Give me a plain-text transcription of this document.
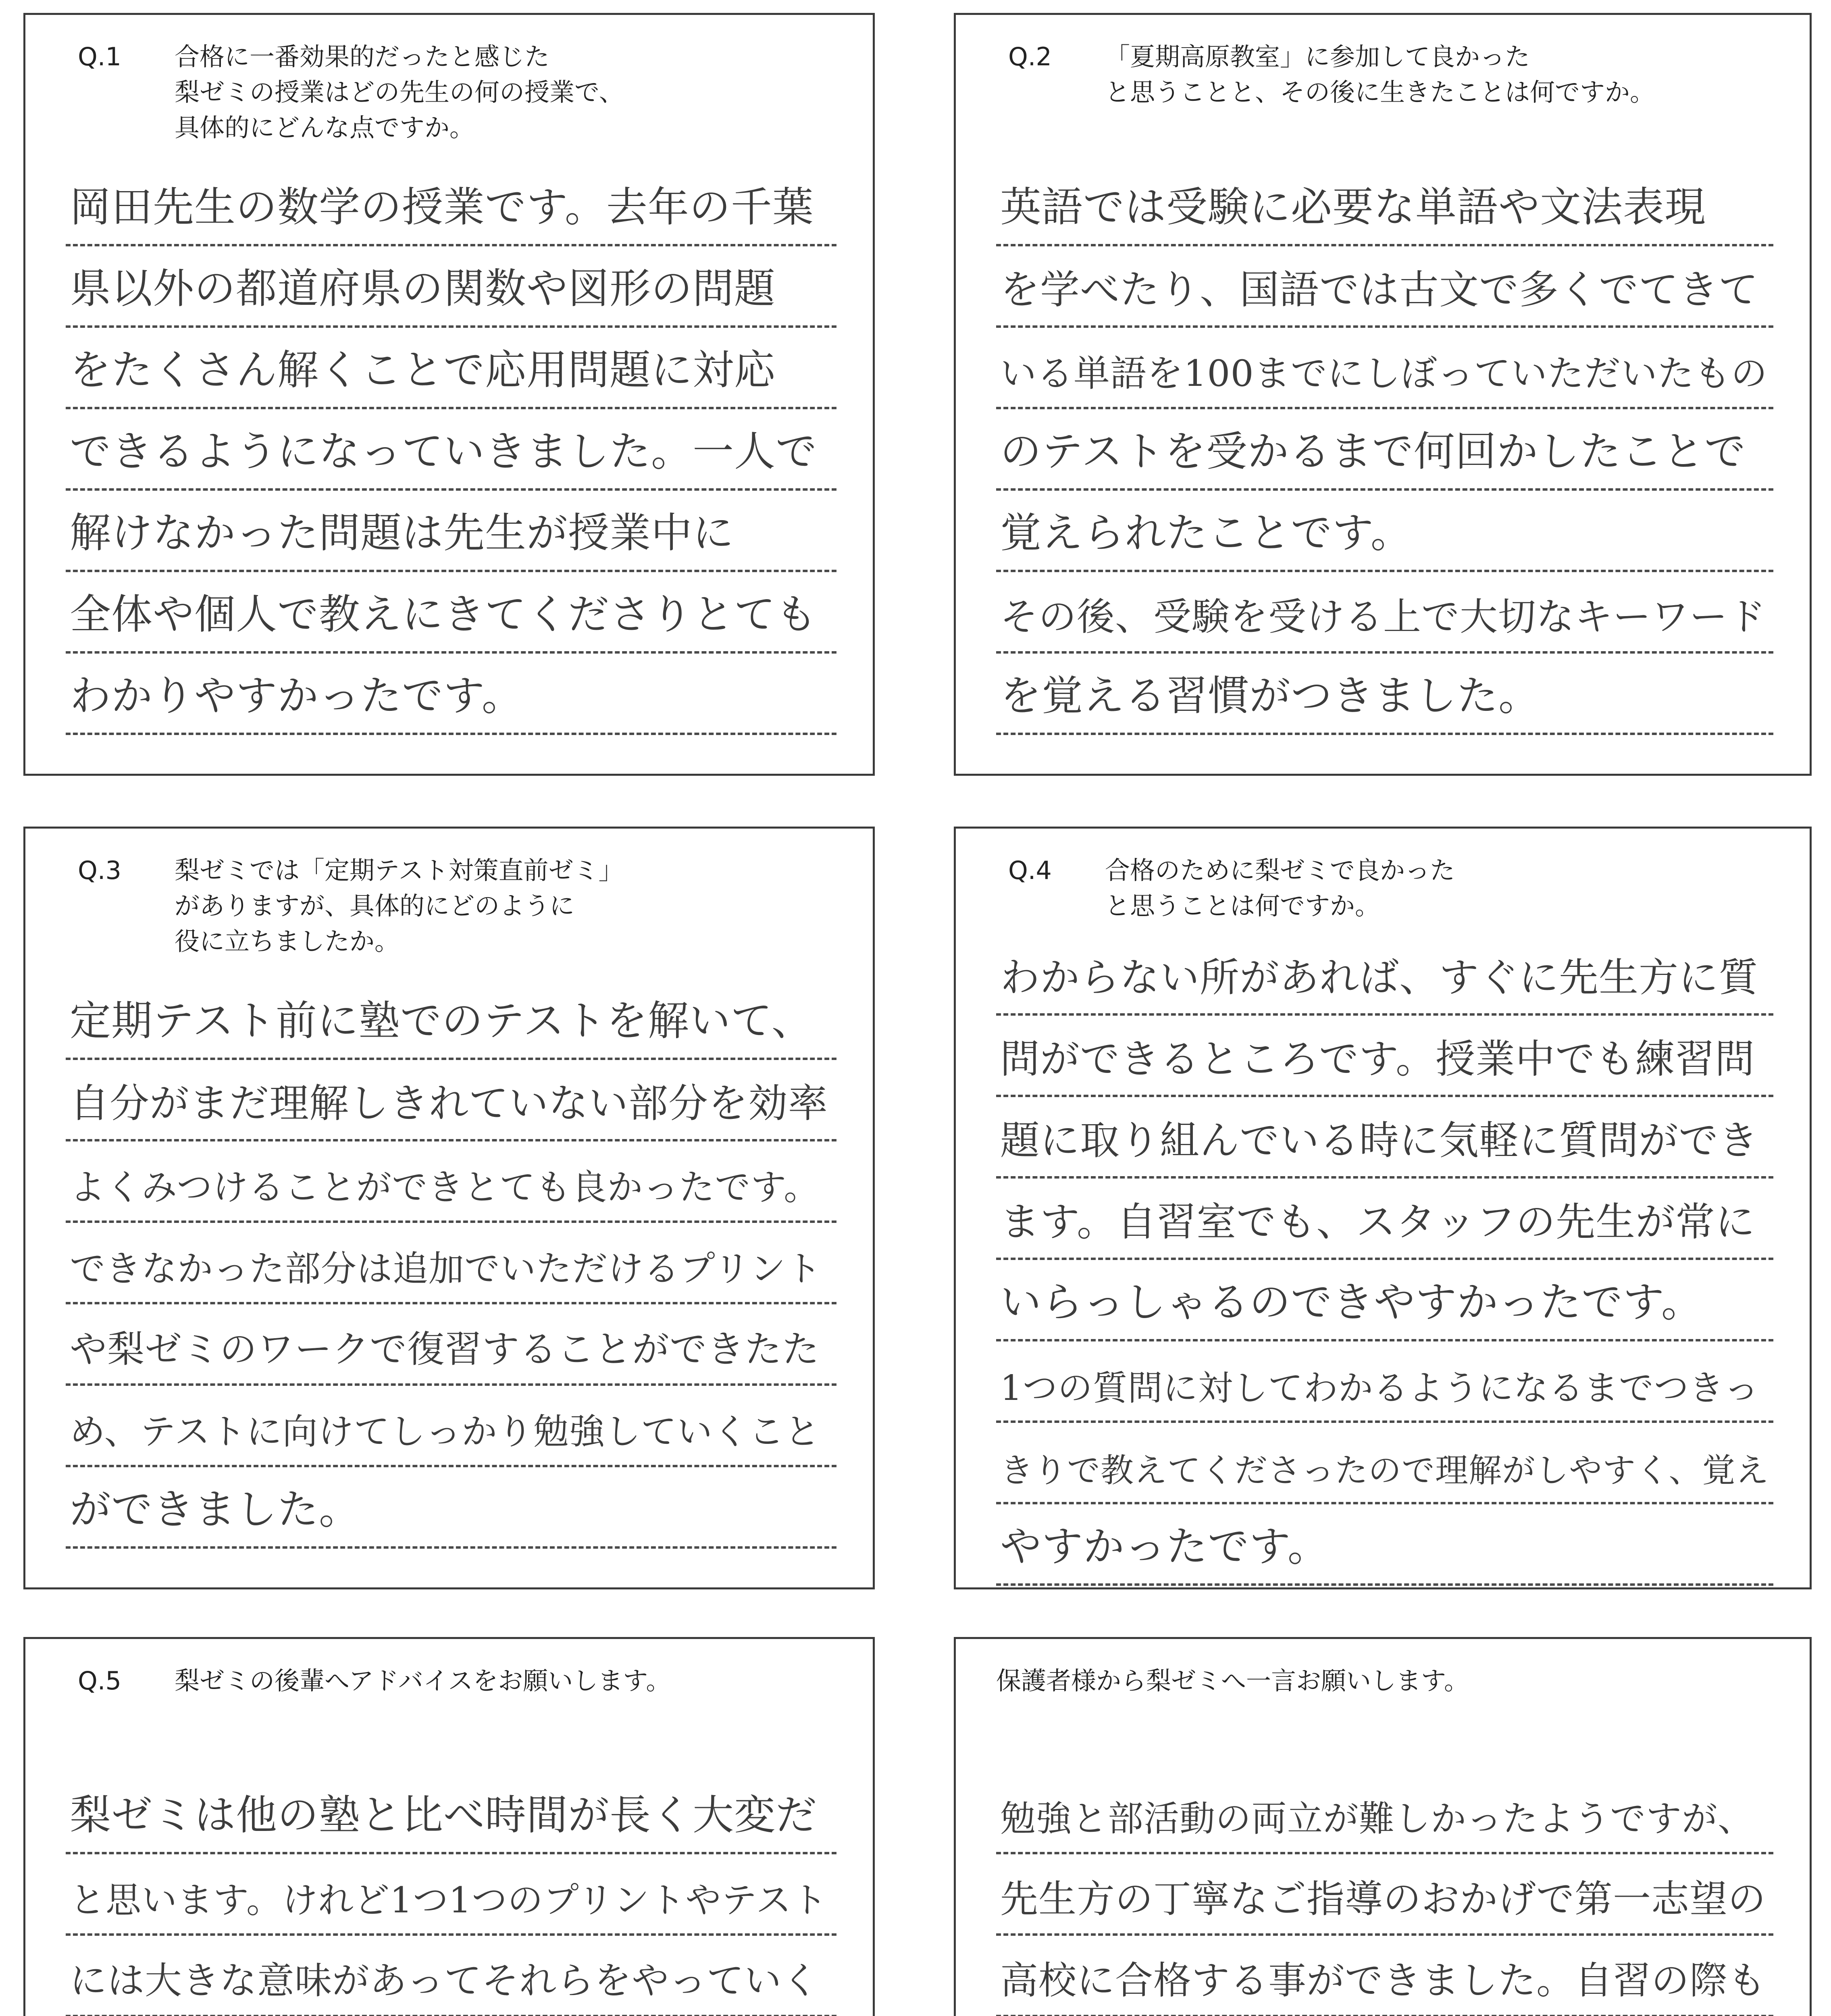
Q.1 合格に一番効果的だったと感じた
梨ゼミの授業はどの先生の何の授業で、
具体的にどんな点ですか。
岡田先生の数学の授業です。去年の千葉
県以外の都道府県の関数や図形の問題
をたくさん解くことで応用問題に対応
できるようになっていきました。一人で
解けなかった問題は先生が授業中に
全体や個人で教えにきてくださりとても
わかりやすかったです。
Q.2 「夏期高原教室」に参加して良かった
と思うことと、その後に生きたことは何ですか。
英語では受験に必要な単語や文法表現
を学べたり、国語では古文で多くでてきて
いる単語を100までにしぼっていただいたもの
のテストを受かるまで何回かしたことで
覚えられたことです。
その後、受験を受ける上で大切なキーワード
を覚える習慣がつきました。
Q.3 梨ゼミでは「定期テスト対策直前ゼミ」
がありますが、具体的にどのように
役に立ちましたか。
定期テスト前に塾でのテストを解いて、
自分がまだ理解しきれていない部分を効率
よくみつけることができとても良かったです。
できなかった部分は追加でいただけるプリント
や梨ゼミのワークで復習することができたた
め、テストに向けてしっかり勉強していくこと
ができました。
Q.4 合格のために梨ゼミで良かった
と思うことは何ですか。
わからない所があれば、すぐに先生方に質
問ができるところです。授業中でも練習問
題に取り組んでいる時に気軽に質問ができ
ます。自習室でも、スタッフの先生が常に
いらっしゃるのできやすかったです。
1つの質問に対してわかるようになるまでつきっ
きりで教えてくださったので理解がしやすく、覚え
やすかったです。
Q.5 梨ゼミの後輩へアドバイスをお願いします。
梨ゼミは他の塾と比べ時間が長く大変だ
と思います。けれど1つ1つのプリントやテスト
には大きな意味があってそれらをやっていく
保護者様から梨ゼミへ一言お願いします。
勉強と部活動の両立が難しかったようですが、
先生方の丁寧なご指導のおかげで第一志望の
高校に合格する事ができました。自習の際も
